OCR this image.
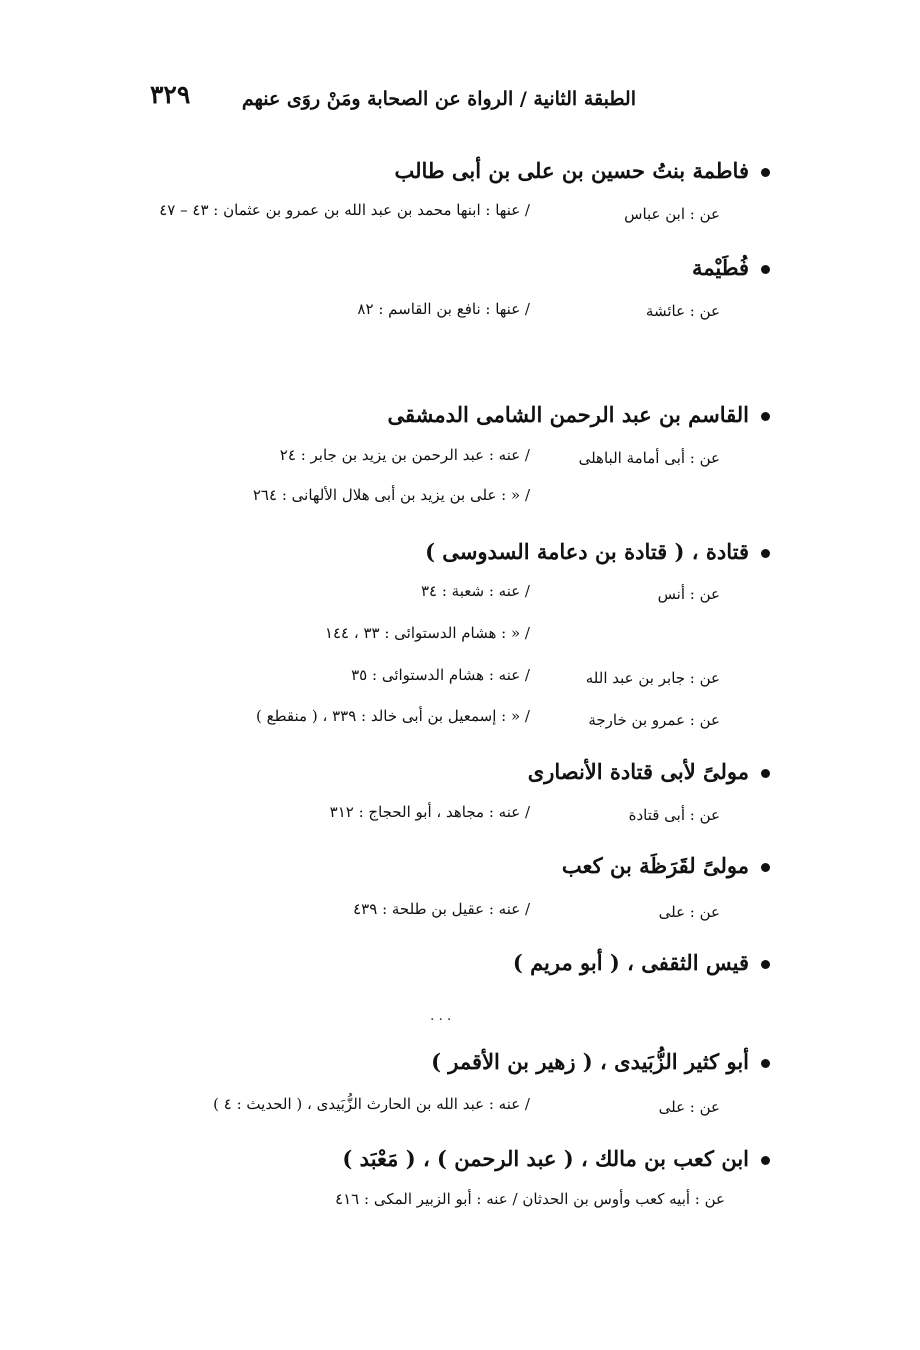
٣٢٩	الطبقة الثانية / الرواة عن الصحابة ومَنْ روَى عنهم
فاطمة بنتُ حسين بن على بن أبى طالب
عن : ابن عباس
/ عنها : ابنها محمد بن عبد الله بن عمرو بن عثمان : ٤٣ – ٤٧
فُطَيْمة
عن : عائشة
/ عنها : نافع بن القاسم : ٨٢
القاسم بن عبد الرحمن الشامى الدمشقى
عن : أبى أمامة الباهلى
/ عنه : عبد الرحمن بن يزيد بن جابر : ٢٤
/ « : على بن يزيد بن أبى هلال الألهانى : ٢٦٤
قتادة ، ( قتادة بن دعامة السدوسى )
عن : أنس
/ عنه : شعبة : ٣٤
/ « : هشام الدستوائى : ٣٣ ، ١٤٤
عن : جابر بن عبد الله
/ عنه : هشام الدستوائى : ٣٥
عن : عمرو بن خارجة
/ « : إسمعيل بن أبى خالد : ٣٣٩ ، ( منقطع )
مولىً لأبى قتادة الأنصارى
عن : أبى قتادة
/ عنه : مجاهد ، أبو الحجاج : ٣١٢
مولىً لقَرَظَة بن كعب
عن : على
/ عنه : عقيل بن طلحة : ٤٣٩
قيس الثقفى ، ( أبو مريم )
...
أبو كثير الزُّبَيدى ، ( زهير بن الأقمر )
عن : على
/ عنه : عبد الله بن الحارث الزُّبَيدى ، ( الحديث : ٤ )
ابن كعب بن مالك ، ( عبد الرحمن ) ، ( مَعْبَد )
عن : أبيه كعب وأوس بن الحدثان / عنه : أبو الزبير المكى : ٤١٦
